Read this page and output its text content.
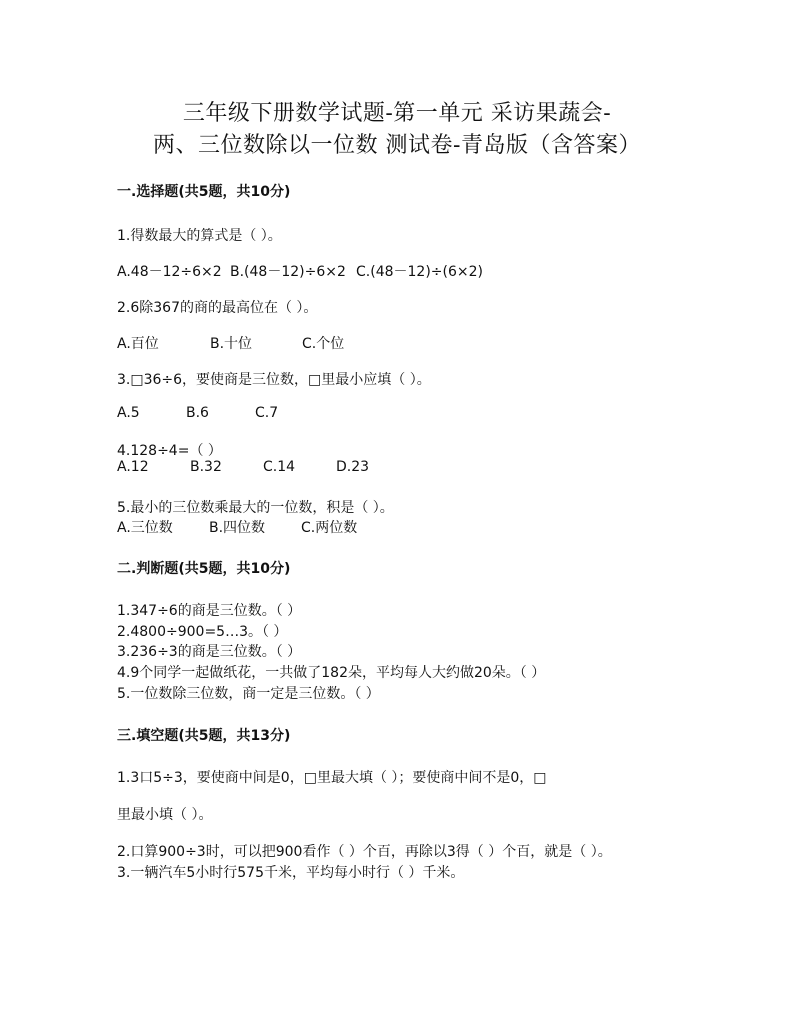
三年级下册数学试题-第一单元 采访果蔬会-
两、三位数除以一位数 测试卷-青岛版（含答案）
一.选择题(共5题，共10分)
1.得数最大的算式是（ ）。
A.48－12÷6×2 B.(48－12)÷6×2 C.(48－12)÷(6×2)
2.6除367的商的最高位在（ ）。
A.百位	B.十位	C.个位
3.□36÷6，要使商是三位数，□里最小应填（ ）。
A.5	B.6	C.7
4.128÷4=（ ）
A.12	B.32	C.14	D.23
5.最小的三位数乘最大的一位数，积是（ ）。
A.三位数	B.四位数	C.两位数
二.判断题(共5题，共10分)
1.347÷6的商是三位数。（ ）
2.4800÷900=5…3。（ ）
3.236÷3的商是三位数。（ ）
4.9个同学一起做纸花，一共做了182朵，平均每人大约做20朵。（ ）
5.一位数除三位数，商一定是三位数。（ ）
三.填空题(共5题，共13分)
1.3口5÷3，要使商中间是0，□里最大填（ ）；要使商中间不是0，□
里最小填（ ）。
2.口算900÷3时，可以把900看作（ ）个百，再除以3得（ ）个百，就是（ ）。
3.一辆汽车5小时行575千米，平均每小时行（ ）千米。
